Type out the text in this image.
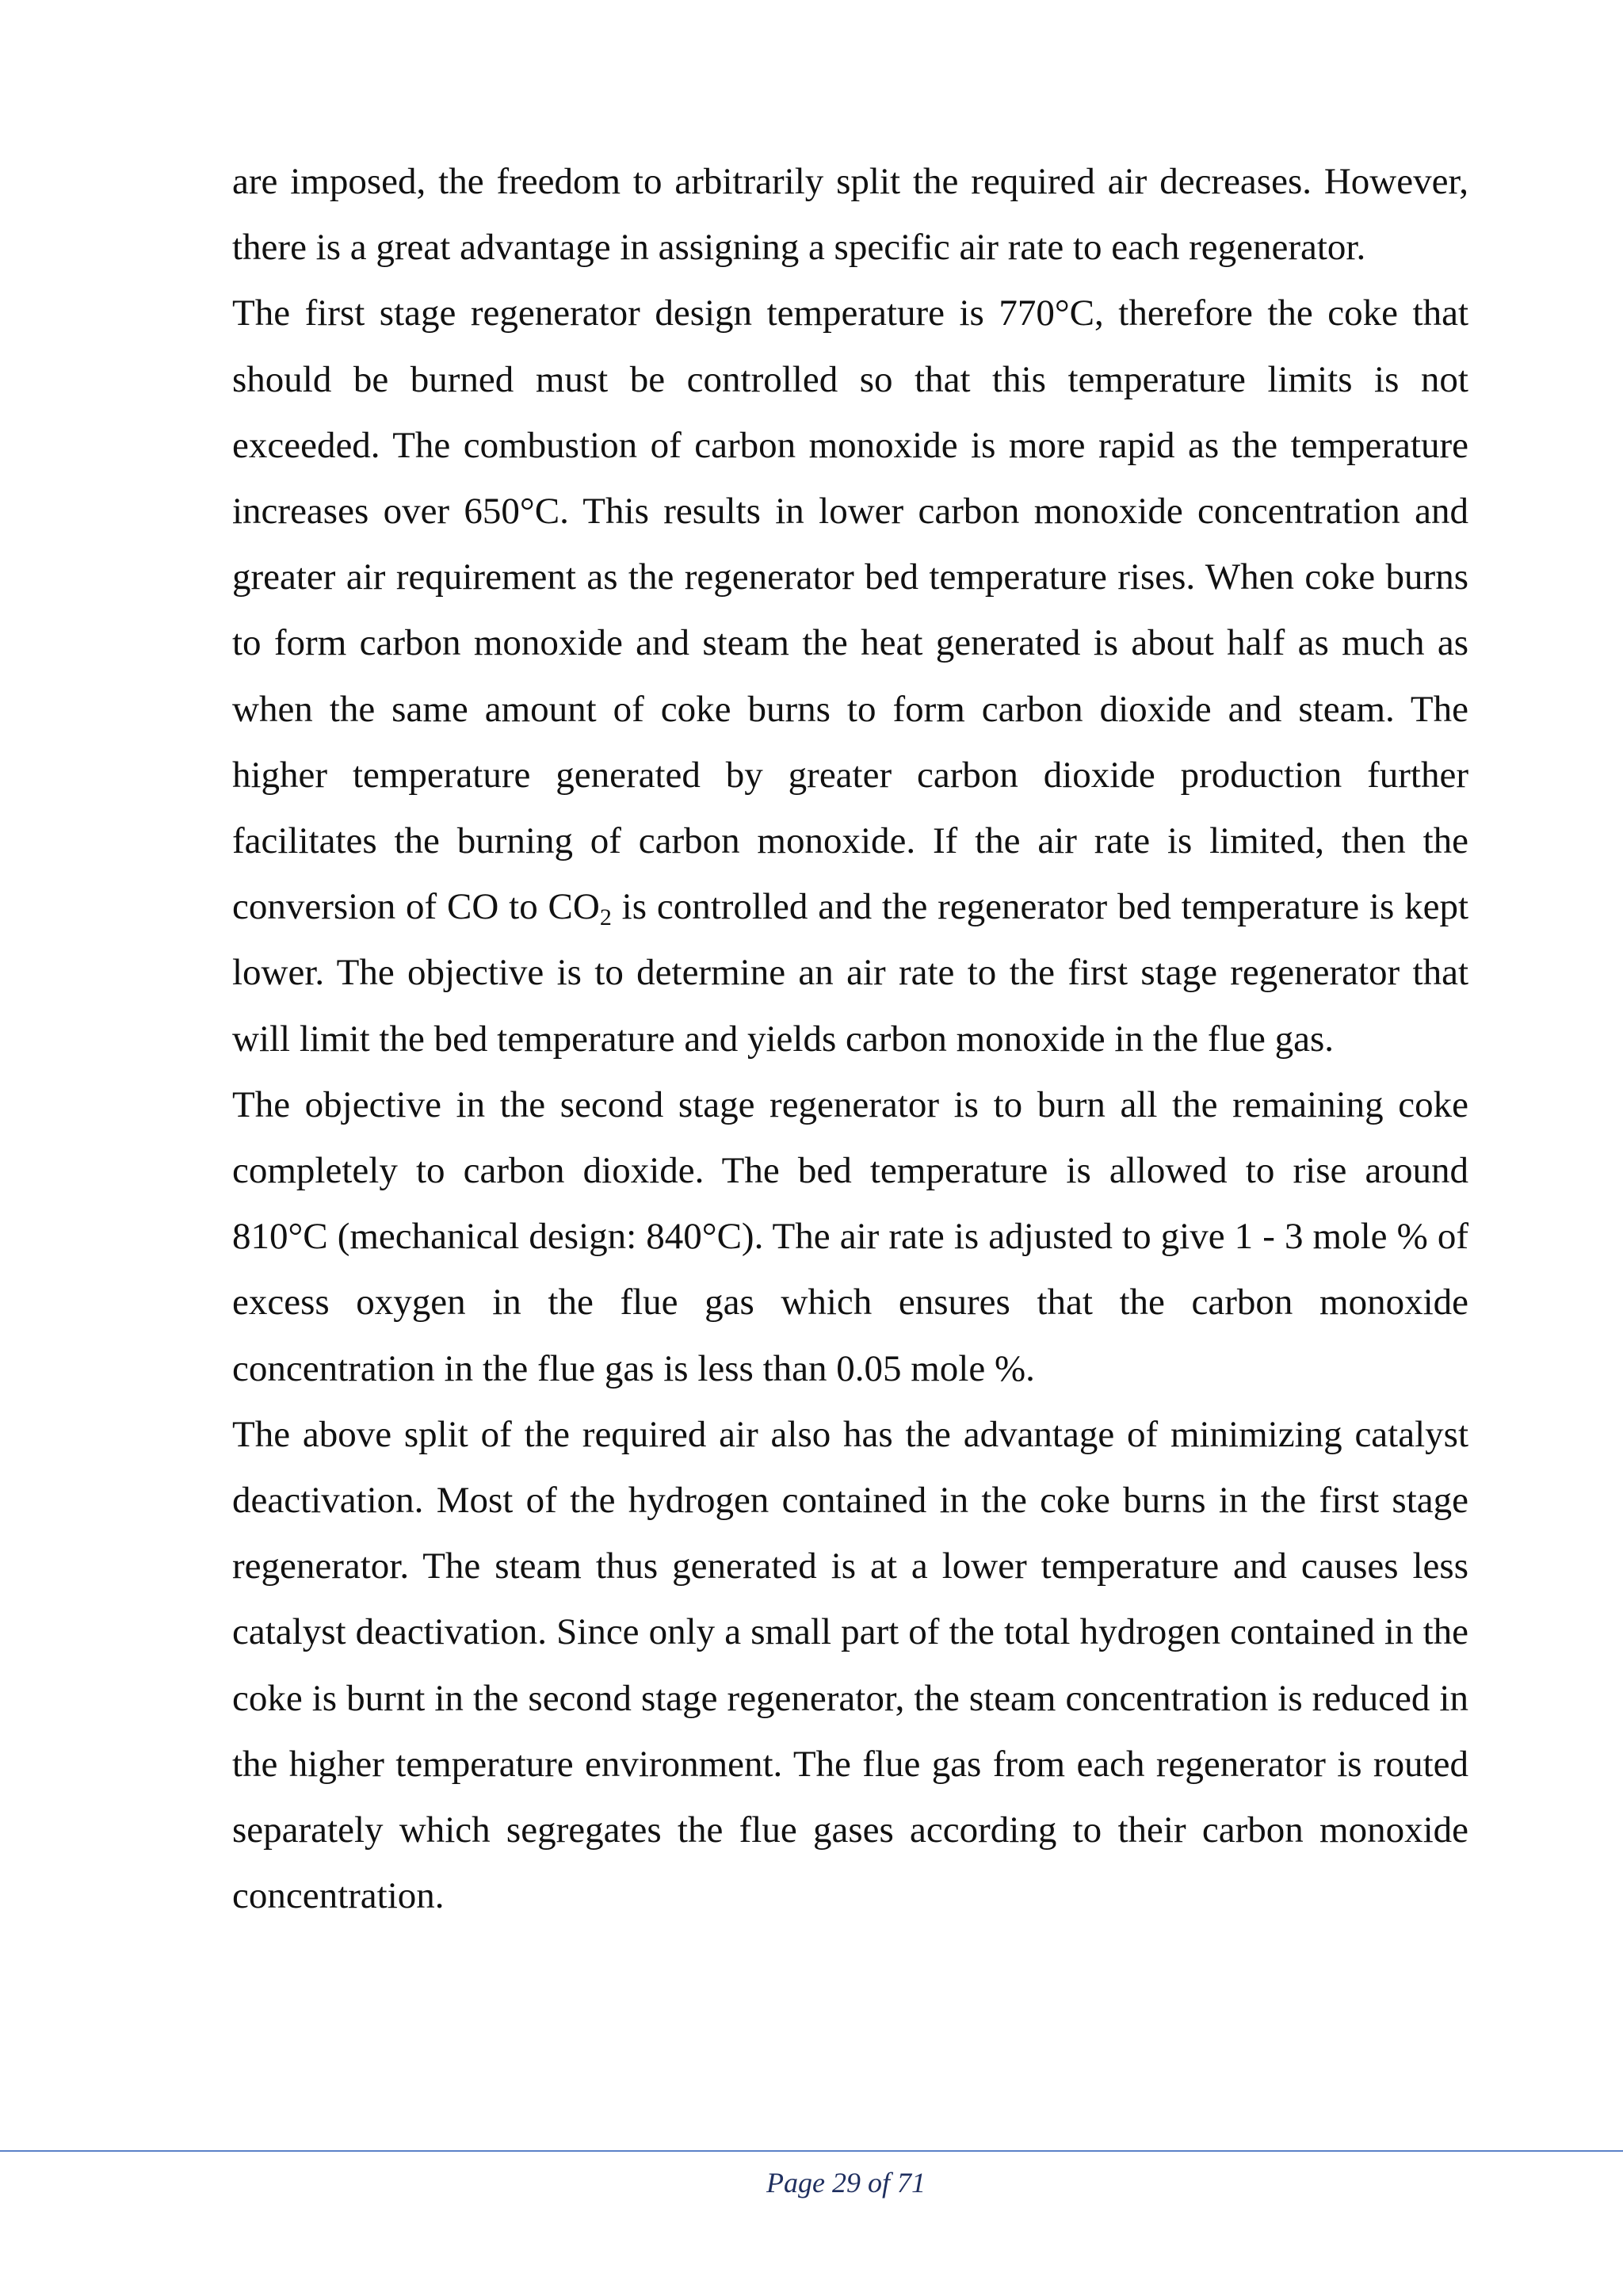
are imposed, the freedom to arbitrarily split the required air decreases. However, there is a great advantage in assigning a specific air rate to each regenerator.

The first stage regenerator design temperature is 770°C, therefore the coke that should be burned must be controlled so that this temperature limits is not exceeded. The combustion of carbon monoxide is more rapid as the temperature increases over 650°C. This results in lower carbon monoxide concentration and greater air requirement as the regenerator bed temperature rises. When coke burns to form carbon monoxide and steam the heat generated is about half as much as when the same amount of coke burns to form carbon dioxide and steam. The higher temperature generated by greater carbon dioxide production further facilitates the burning of carbon monoxide. If the air rate is limited, then the conversion of CO to $CO_2$ is controlled and the regenerator bed temperature is kept lower. The objective is to determine an air rate to the first stage regenerator that will limit the bed temperature and yields carbon monoxide in the flue gas.

The objective in the second stage regenerator is to burn all the remaining coke completely to carbon dioxide. The bed temperature is allowed to rise around 810°C (mechanical design: 840°C). The air rate is adjusted to give 1 - 3 mole % of excess oxygen in the flue gas which ensures that the carbon monoxide concentration in the flue gas is less than 0.05 mole %.

The above split of the required air also has the advantage of minimizing catalyst deactivation. Most of the hydrogen contained in the coke burns in the first stage regenerator. The steam thus generated is at a lower temperature and causes less catalyst deactivation. Since only a small part of the total hydrogen contained in the coke is burnt in the second stage regenerator, the steam concentration is reduced in the higher temperature environment. The flue gas from each regenerator is routed separately which segregates the flue gases according to their carbon monoxide concentration.

Page 29 of 71
